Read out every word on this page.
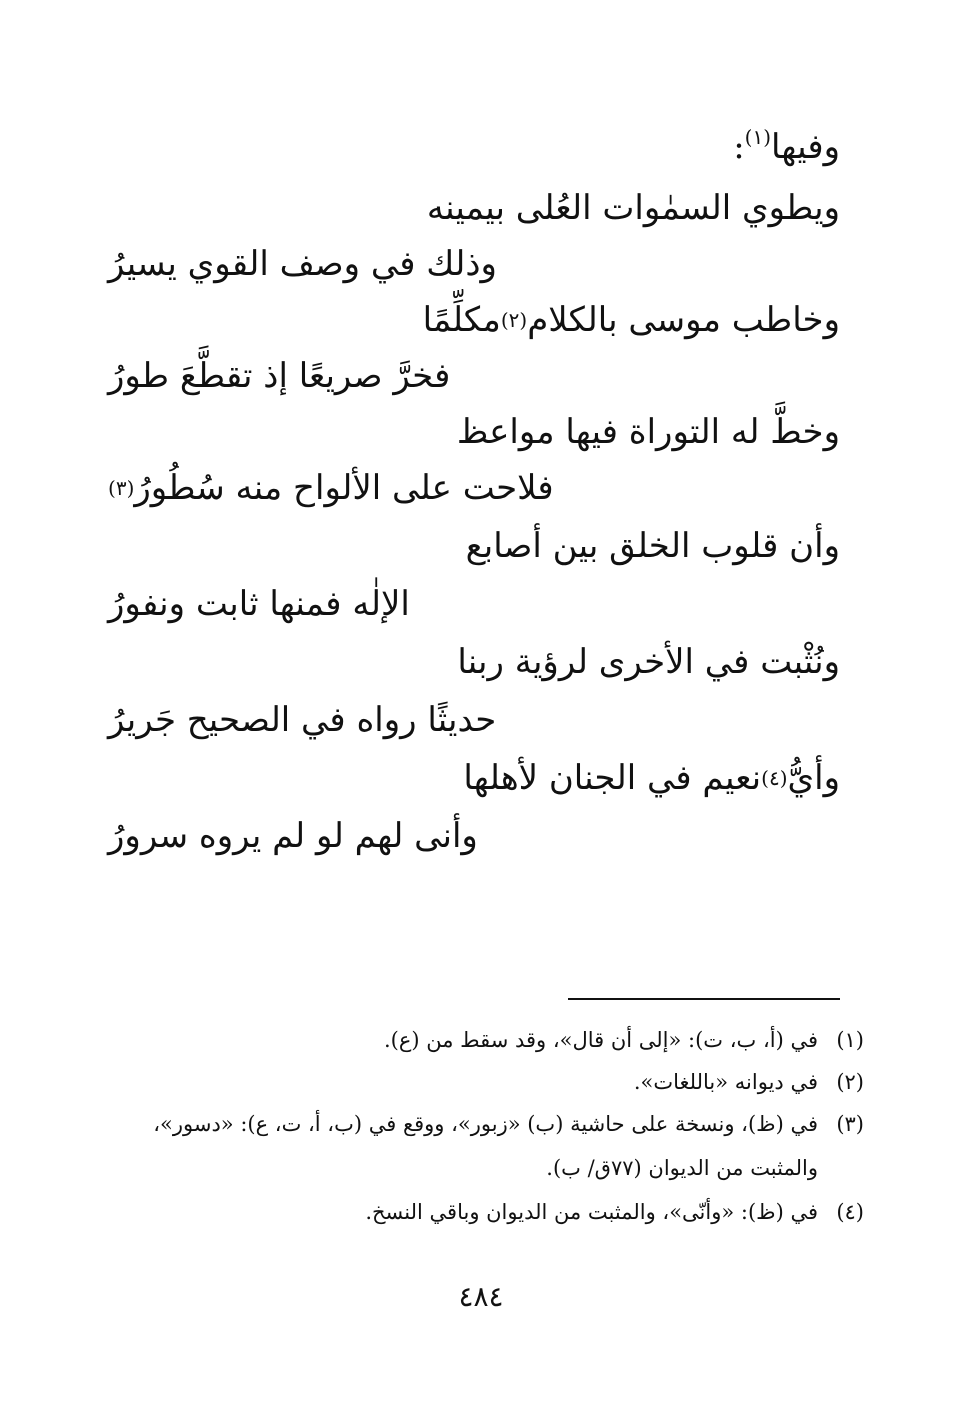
وفيها$^{(١)}$:
ويطوي السمٰوات العُلى بيمينه
وذلك في وصف القوي يسيرُ
وخاطب موسى بالكلام
(٢)
مكلِّمًا
فخرَّ صريعًا إذ تقطَّعَ طورُ
وخطَّ له التوراة فيها مواعظ
فلاحت على الألواح منه سُطُورُ
(٣)
وأن قلوب الخلق بين أصابع
الإلٰه فمنها ثابت ونفورُ
ونُثْبت في الأخرى لرؤية ربنا
حديثًا رواه في الصحيح جَريرُ
وأيُّ
(٤)
نعيم في الجنان لأهلها
وأنى لهم لو لم يروه سرورُ
(١)في (أ، ب، ت): «إلى أن قال»، وقد سقط من (ع).
(٢)في ديوانه «باللغات».
(٣)في (ظ)، ونسخة على حاشية (ب) «زبور»، ووقع في (ب، أ، ت، ع): «دسور»،
والمثبت من الديوان (٧٧ق/ ب).
(٤)في (ظ): «وأنّى»، والمثبت من الديوان وباقي النسخ.
٤٨٤
